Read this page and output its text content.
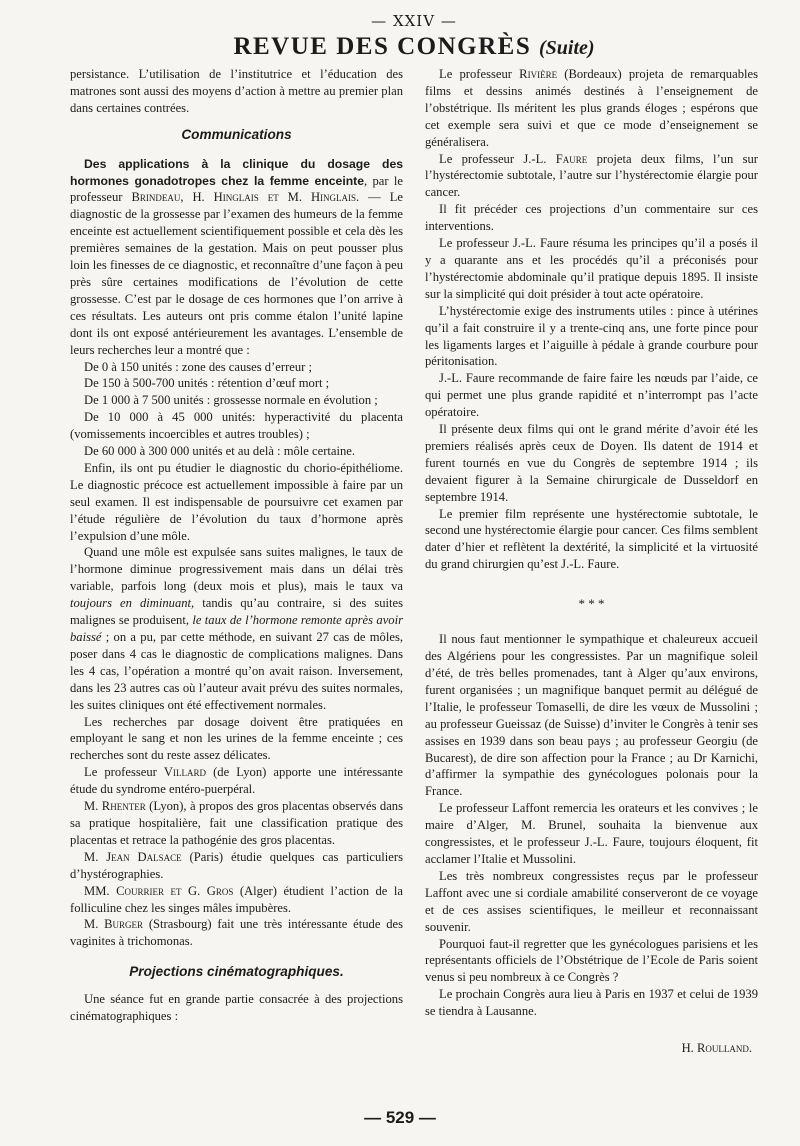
— XXIV —
REVUE DES CONGRÈS (Suite)

persistance. L’utilisation de l’institutrice et l’éducation des matrones sont aussi des moyens d’action à mettre au premier plan dans certaines contrées.

Communications

Des applications à la clinique du dosage des hormones gonadotropes chez la femme enceinte, par le professeur Brindeau, H. Hinglais et M. Hinglais. — Le diagnostic de la grossesse par l’examen des humeurs de la femme enceinte est actuellement scientifiquement possible et cela dès les premières semaines de la gestation. Mais on peut pousser plus loin les finesses de ce diagnostic, et reconnaître d’une façon à peu près sûre certaines modifications de l’évolution de cette grossesse. C’est par le dosage de ces hormones que l’on arrive à ces résultats. Les auteurs ont pris comme étalon l’unité lapine dont ils ont exposé antérieurement les avantages. L’ensemble de leurs recherches leur a montré que :

De 0 à 150 unités : zone des causes d’erreur ;

De 150 à 500-700 unités : rétention d’œuf mort ;

De 1 000 à 7 500 unités : grossesse normale en évolution ;

De 10 000 à 45 000 unités: hyperactivité du placenta (vomissements incoercibles et autres troubles) ;

De 60 000 à 300 000 unités et au delà : môle certaine.

Enfin, ils ont pu étudier le diagnostic du chorio-épithéliome. Le diagnostic précoce est actuellement impossible à faire par un seul examen. Il est indispensable de poursuivre cet examen par l’étude régulière de l’évolution du taux d’hormone après l’expulsion d’une môle.

Quand une môle est expulsée sans suites malignes, le taux de l’hormone diminue progressivement mais dans un délai très variable, parfois long (deux mois et plus), mais le taux va toujours en diminuant, tandis qu’au contraire, si des suites malignes se produisent, le taux de l’hormone remonte après avoir baissé ; on a pu, par cette méthode, en suivant 27 cas de môles, poser dans 4 cas le diagnostic de complications malignes. Dans les 4 cas, l’opération a montré qu’on avait raison. Inversement, dans les 23 autres cas où l’auteur avait prévu des suites normales, les suites cliniques ont été effectivement normales.

Les recherches par dosage doivent être pratiquées en employant le sang et non les urines de la femme enceinte ; ces recherches sont du reste assez délicates.

Le professeur Villard (de Lyon) apporte une intéressante étude du syndrome entéro-puerpéral.

M. Rhenter (Lyon), à propos des gros placentas observés dans sa pratique hospitalière, fait une classification pratique des placentas et retrace la pathogénie des gros placentas.

M. Jean Dalsace (Paris) étudie quelques cas particuliers d’hystérographies.

MM. Courrier et G. Gros (Alger) étudient l’action de la folliculine chez les singes mâles impubères.

M. Burger (Strasbourg) fait une très intéressante étude des vaginites à trichomonas.

Projections cinématographiques.

Une séance fut en grande partie consacrée à des projections cinématographiques :

Le professeur Rivière (Bordeaux) projeta de remarquables films et dessins animés destinés à l’enseignement de l’obstétrique. Ils méritent les plus grands éloges ; espérons que cet exemple sera suivi et que ce mode d’enseignement se généralisera.

Le professeur J.-L. Faure projeta deux films, l’un sur l’hystérectomie subtotale, l’autre sur l’hystérectomie élargie pour cancer.

Il fit précéder ces projections d’un commentaire sur ces interventions.

Le professeur J.-L. Faure résuma les principes qu’il a posés il y a quarante ans et les procédés qu’il a préconisés pour l’hystérectomie abdominale qu’il pratique depuis 1895. Il insiste sur la simplicité qui doit présider à tout acte opératoire.

L’hystérectomie exige des instruments utiles : pince à utérines qu’il a fait construire il y a trente-cinq ans, une forte pince pour les ligaments larges et l’aiguille à pédale à grande courbure pour péritonisation.

J.-L. Faure recommande de faire faire les nœuds par l’aide, ce qui permet une plus grande rapidité et n’interrompt pas l’acte opératoire.

Il présente deux films qui ont le grand mérite d’avoir été les premiers réalisés après ceux de Doyen. Ils datent de 1914 et furent tournés en vue du Congrès de septembre 1914 ; ils devaient figurer à la Semaine chirurgicale de Dusseldorf en septembre 1914.

Le premier film représente une hystérectomie subtotale, le second une hystérectomie élargie pour cancer. Ces films semblent dater d’hier et reflètent la dextérité, la simplicité et la virtuosité du grand chirurgien qu’est J.-L. Faure.

* * *

Il nous faut mentionner le sympathique et chaleureux accueil des Algériens pour les congressistes. Par un magnifique soleil d’été, de très belles promenades, tant à Alger qu’aux environs, furent organisées ; un magnifique banquet permit au délégué de l’Italie, le professeur Tomaselli, de dire les vœux de Mussolini ; au professeur Gueissaz (de Suisse) d’inviter le Congrès à tenir ses assises en 1939 dans son beau pays ; au professeur Georgiu (de Bucarest), de dire son affection pour la France ; au Dr Karnichi, d’affirmer la sympathie des gynécologues polonais pour la France.

Le professeur Laffont remercia les orateurs et les convives ; le maire d’Alger, M. Brunel, souhaita la bienvenue aux congressistes, et le professeur J.-L. Faure, toujours éloquent, fit acclamer l’Italie et Mussolini.

Les très nombreux congressistes reçus par le professeur Laffont avec une si cordiale amabilité conserveront de ce voyage et de ces assises scientifiques, le meilleur et reconnaissant souvenir.

Pourquoi faut-il regretter que les gynécologues parisiens et les représentants officiels de l’Obstétrique de l’Ecole de Paris soient venus si peu nombreux à ce Congrès ?

Le prochain Congrès aura lieu à Paris en 1937 et celui de 1939 se tiendra à Lausanne.

H. Roulland.
— 529 —
